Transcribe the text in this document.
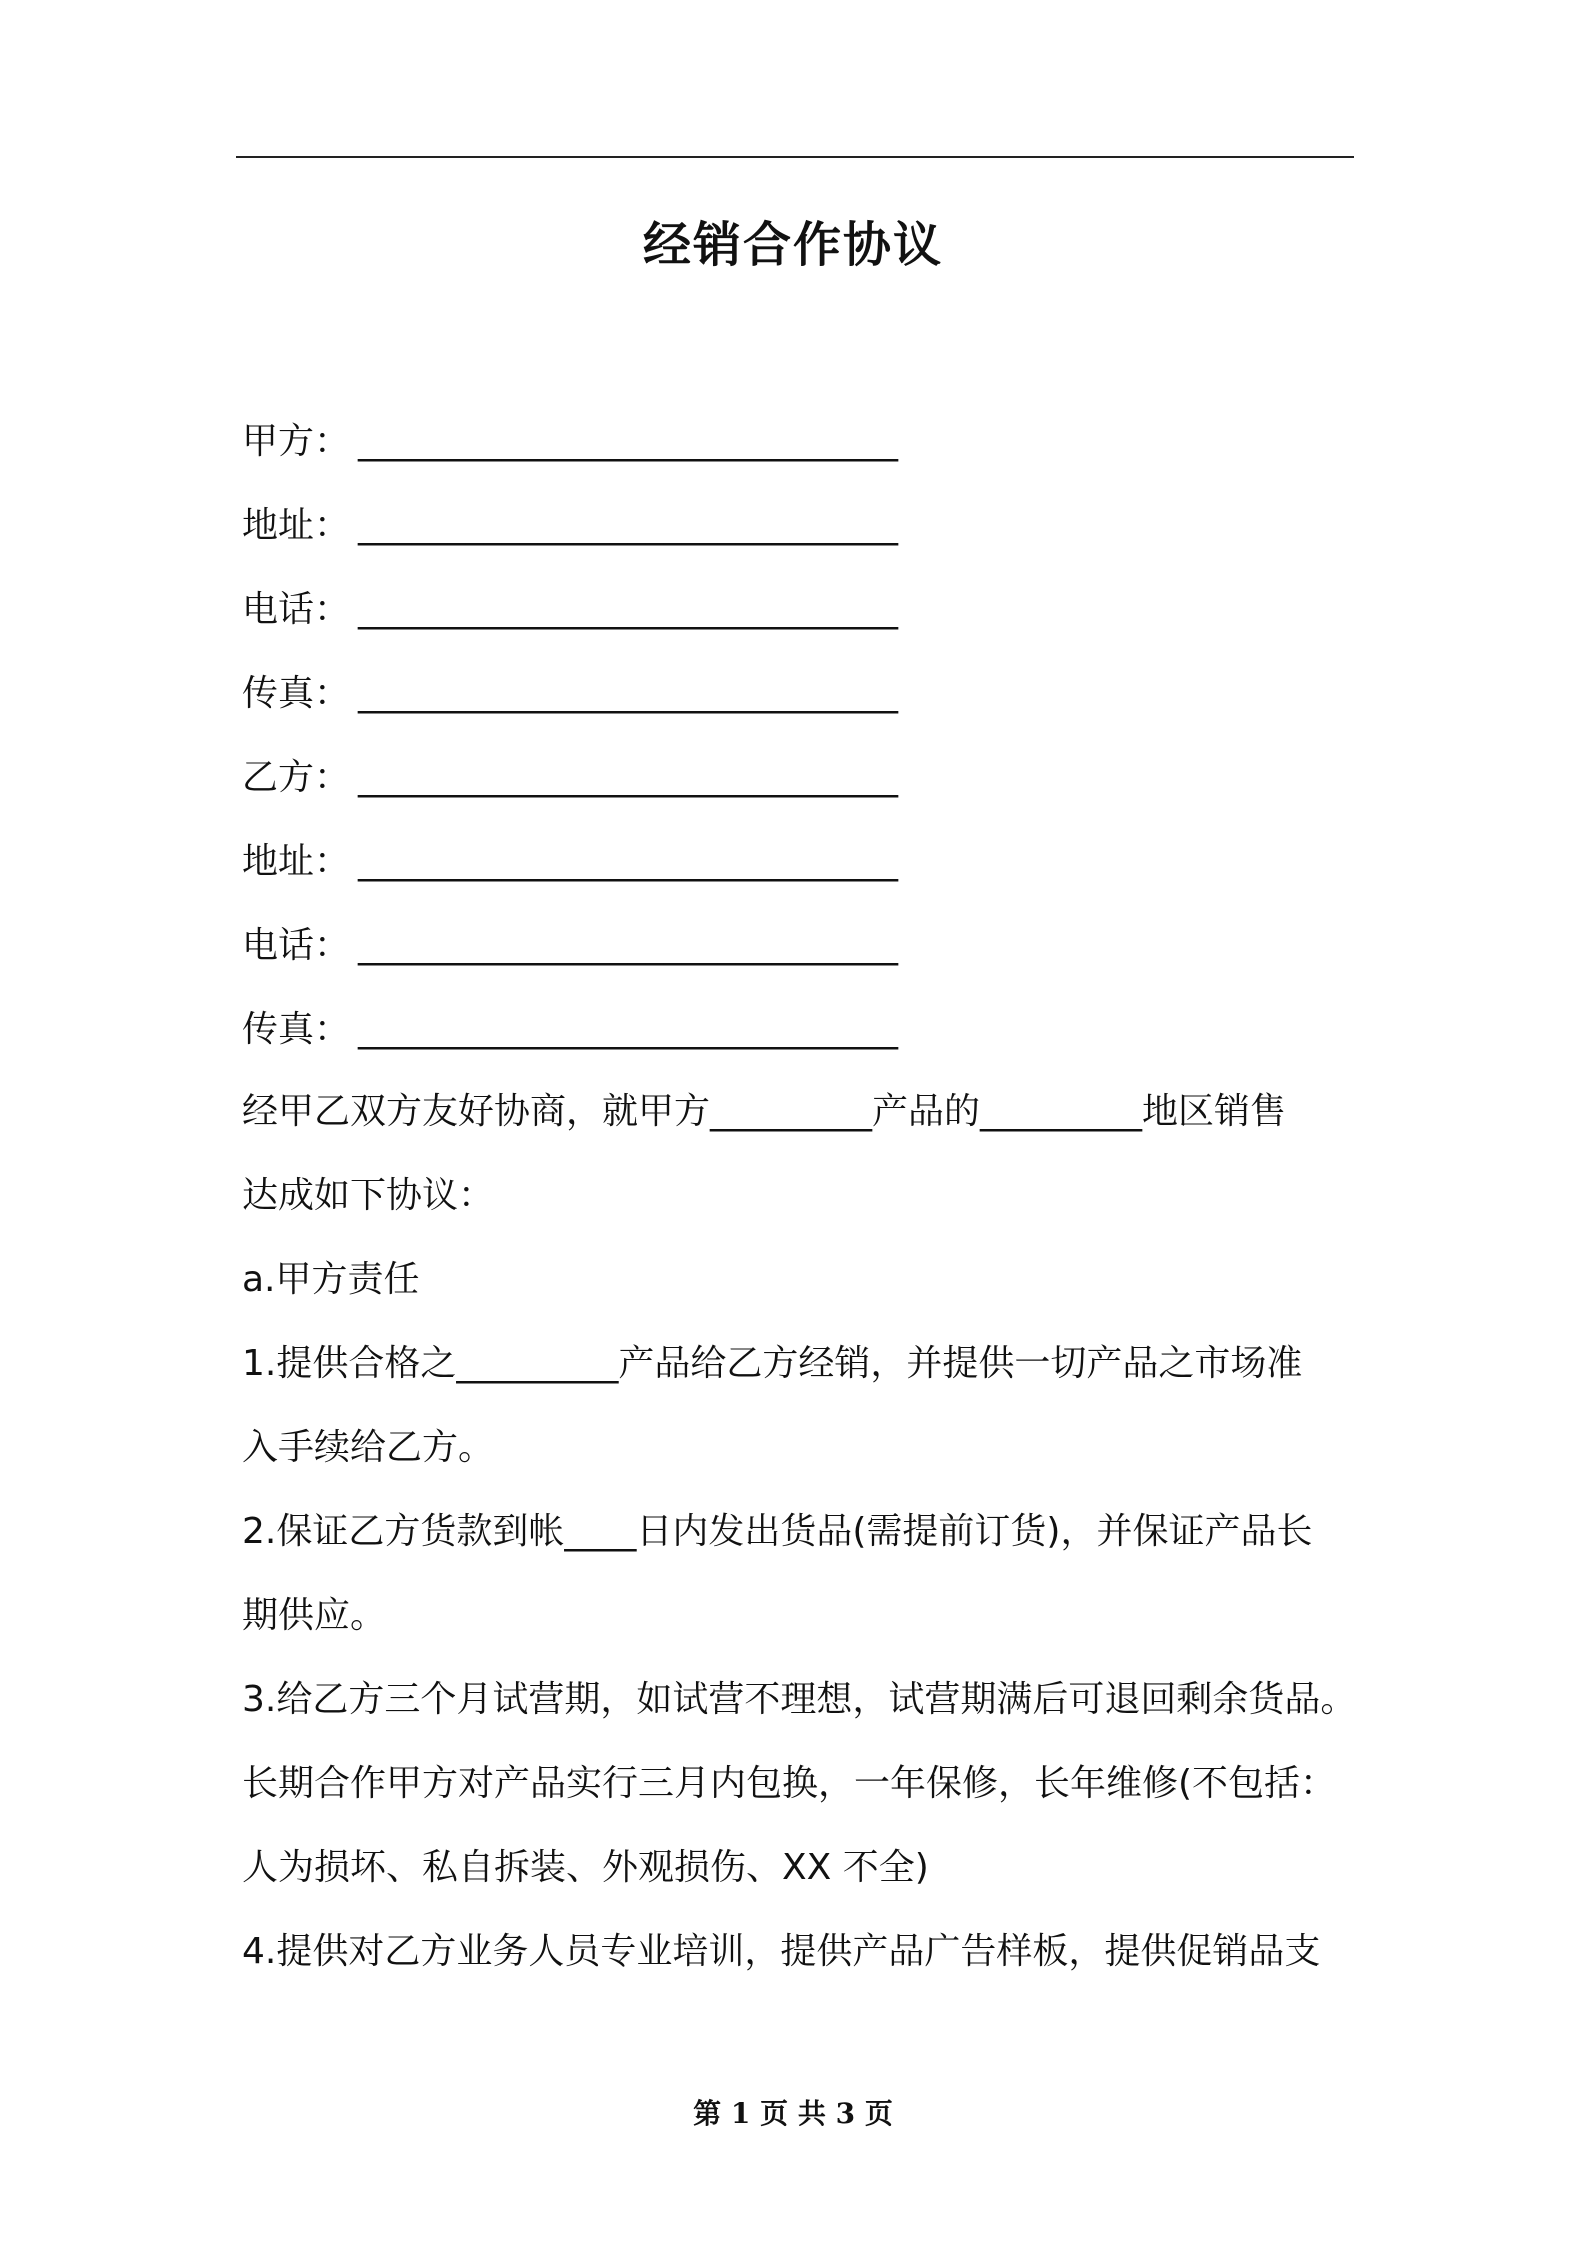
经销合作协议
甲方： ______________________________
地址： ______________________________
电话： ______________________________
传真： ______________________________
乙方： ______________________________
地址： ______________________________
电话： ______________________________
传真： ______________________________
经甲乙双方友好协商，就甲方_________产品的_________地区销售
达成如下协议：
a.甲方责任
1.提供合格之_________产品给乙方经销，并提供一切产品之市场准
入手续给乙方。
2.保证乙方货款到帐____日内发出货品(需提前订货)，并保证产品长
期供应。
3.给乙方三个月试营期，如试营不理想，试营期满后可退回剩余货品。
长期合作甲方对产品实行三月内包换，一年保修，长年维修(不包括：
人为损坏、私自拆装、外观损伤、XX 不全)
4.提供对乙方业务人员专业培训，提供产品广告样板，提供促销品支
第 1 页 共 3 页
